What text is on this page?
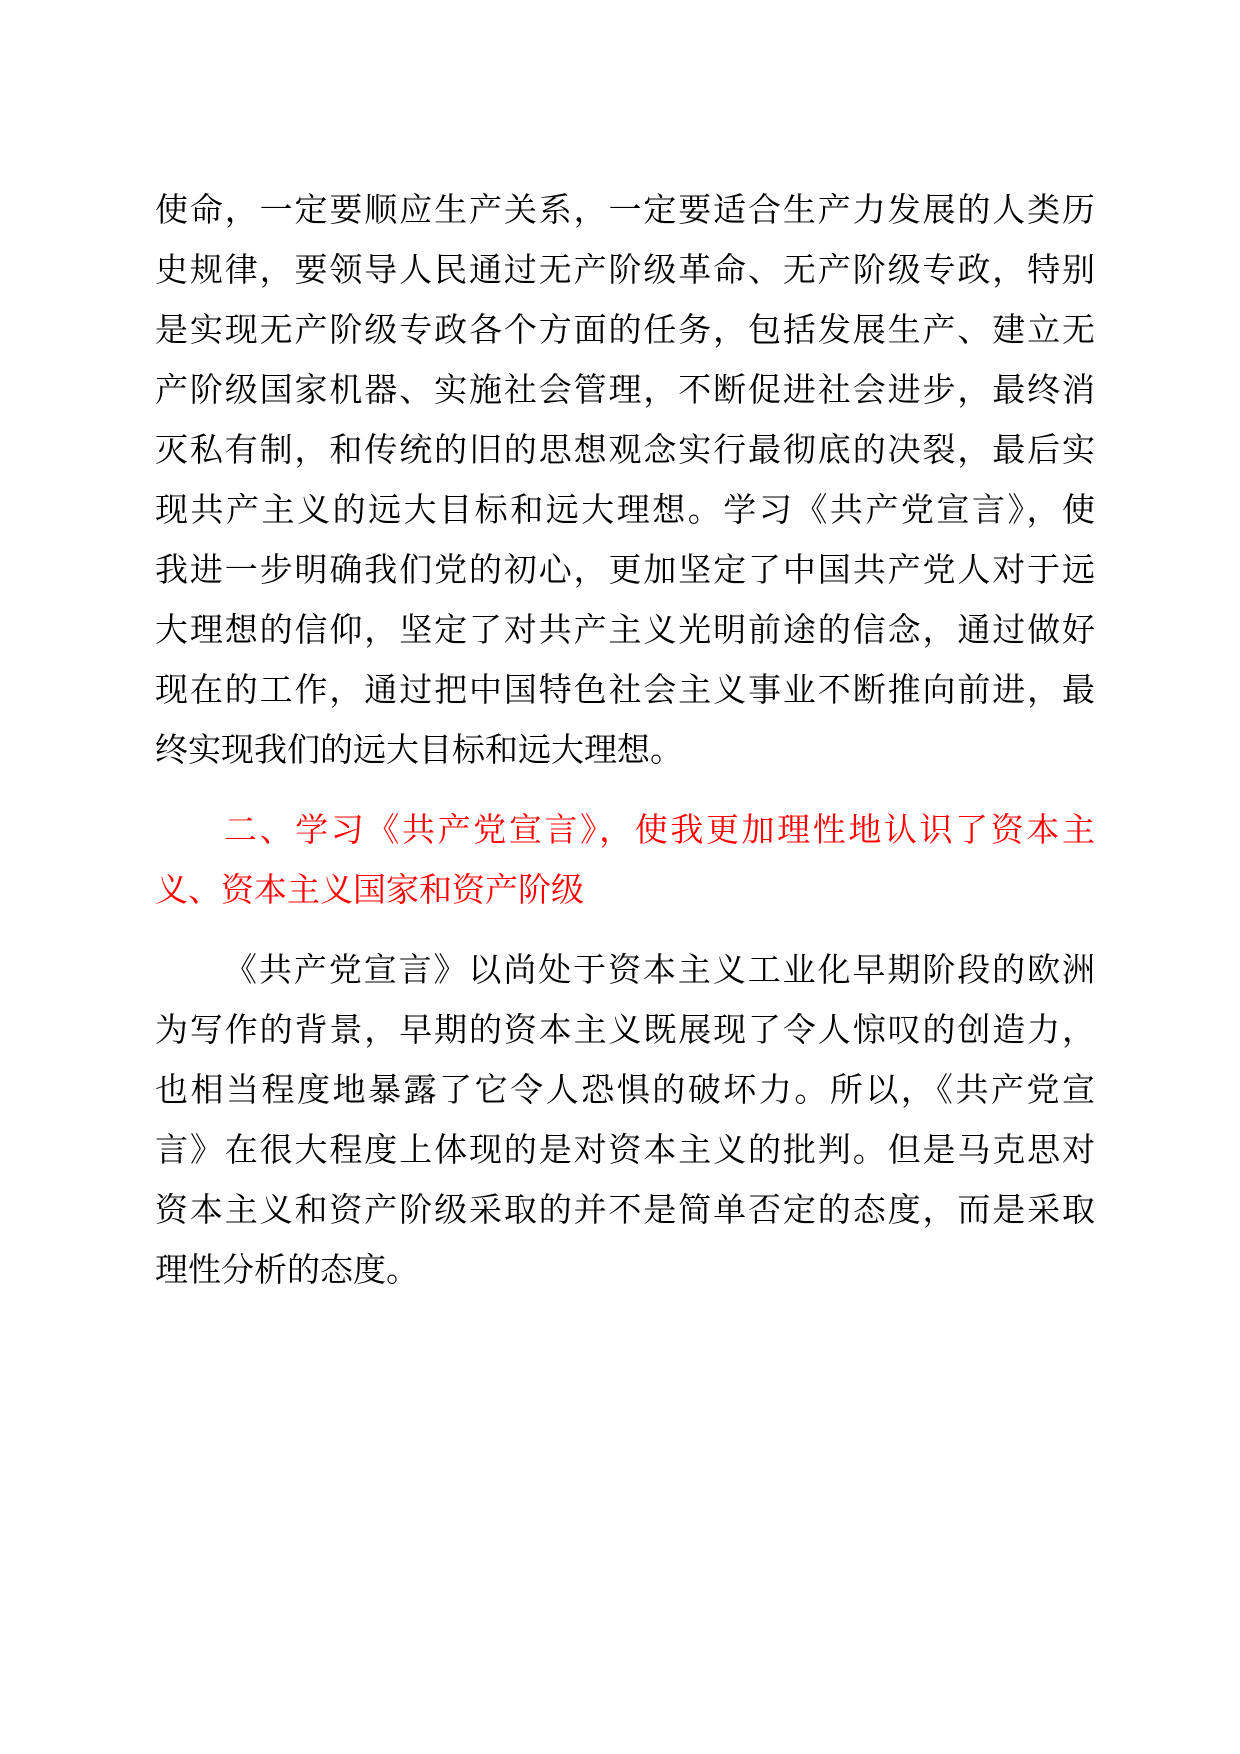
使命，一定要顺应生产关系，一定要适合生产力发展的人类历
史规律，要领导人民通过无产阶级革命、无产阶级专政，特别
是实现无产阶级专政各个方面的任务，包括发展生产、建立无
产阶级国家机器、实施社会管理，不断促进社会进步，最终消
灭私有制，和传统的旧的思想观念实行最彻底的决裂，最后实
现共产主义的远大目标和远大理想。学习《共产党宣言》，使
我进一步明确我们党的初心，更加坚定了中国共产党人对于远
大理想的信仰，坚定了对共产主义光明前途的信念，通过做好
现在的工作，通过把中国特色社会主义事业不断推向前进，最
终实现我们的远大目标和远大理想。
二、学习《共产党宣言》，使我更加理性地认识了资本主
义、资本主义国家和资产阶级
《共产党宣言》以尚处于资本主义工业化早期阶段的欧洲
为写作的背景，早期的资本主义既展现了令人惊叹的创造力，
也相当程度地暴露了它令人恐惧的破坏力。所以，《共产党宣
言》在很大程度上体现的是对资本主义的批判。但是马克思对
资本主义和资产阶级采取的并不是简单否定的态度，而是采取
理性分析的态度。
